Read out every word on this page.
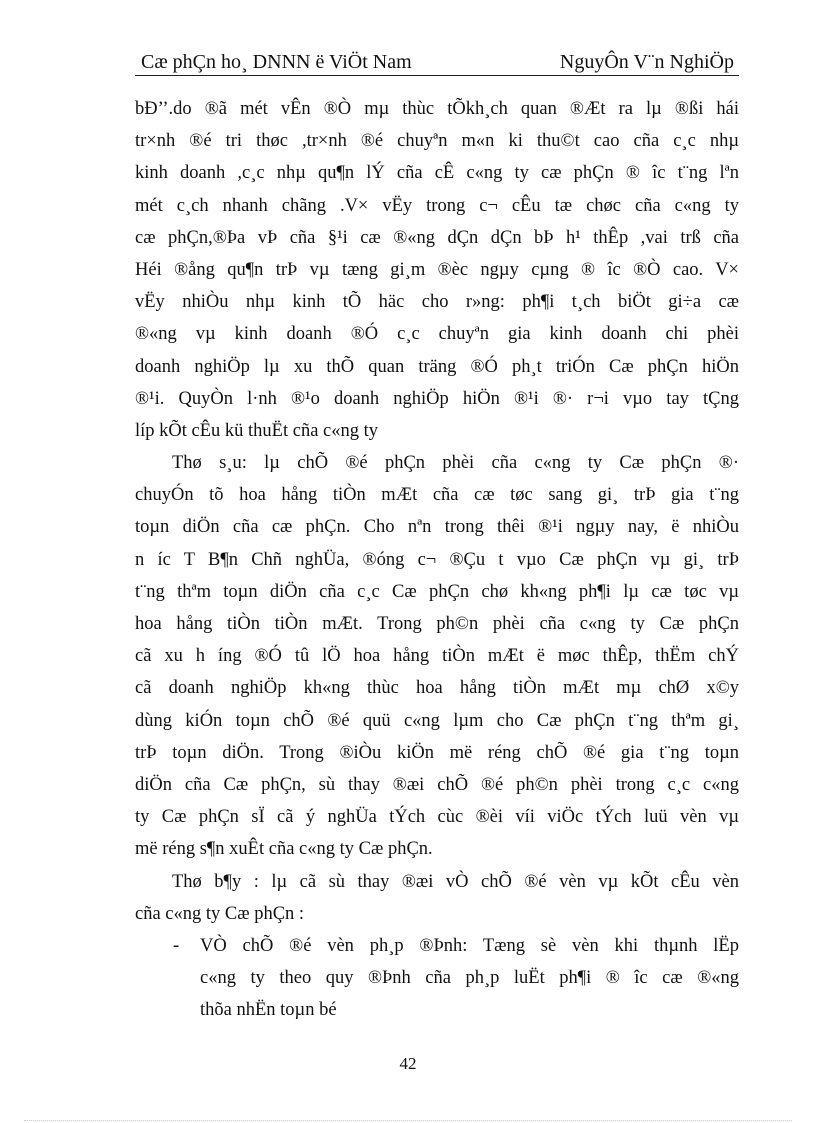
Cæ phÇn ho¸ DNNN ë ViÖt Nam	NguyÔn V¨n NghiÖp
bÐ’’.do ®ã mét vÊn ®Ò mµ thùc tÕkh¸ch quan ®Æt ra lµ ®ßi hái
tr×nh ®é tri thøc ,tr×nh ®é chuyªn m«n ki thu©t cao cña c¸c nhµ
kinh doanh ,c¸c nhµ qu¶n lÝ cña cÊ c«ng ty cæ phÇn ® îc t¨ng lªn
mét c¸ch nhanh chãng .V× vËy trong c¬ cÊu tæ chøc cña c«ng ty
cæ phÇn,®Þa vÞ cña §¹i cæ ®«ng dÇn dÇn bÞ h¹ thÊp ,vai trß cña
Héi ®ång qu¶n trÞ vµ tæng gi¸m ®èc ngµy cµng ® îc ®Ò cao. V×
vËy nhiÒu nhµ kinh tÕ häc cho r»ng: ph¶i t¸ch biÖt gi÷a cæ
®«ng vµ kinh doanh ®Ó c¸c chuyªn gia kinh doanh chi phèi
doanh nghiÖp lµ xu thÕ quan träng ®Ó ph¸t triÓn Cæ phÇn hiÖn
®¹i. QuyÒn l·nh ®¹o doanh nghiÖp hiÖn ®¹i ®· r¬i vµo tay tÇng
líp kÕt cÊu kü thuËt cña c«ng ty
Thø s¸u: lµ chÕ ®é phÇn phèi cña c«ng ty Cæ phÇn ®·
chuyÓn tõ hoa hång tiÒn mÆt cña cæ tøc sang gi¸ trÞ gia t¨ng
toµn diÖn cña cæ phÇn. Cho nªn trong thêi ®¹i ngµy nay, ë nhiÒu
n íc T B¶n Chñ nghÜa, ®óng c¬ ®Çu t vµo Cæ phÇn vµ gi¸ trÞ
t¨ng thªm toµn diÖn cña c¸c Cæ phÇn chø kh«ng ph¶i lµ cæ tøc vµ
hoa hång tiÒn tiÒn mÆt. Trong ph©n phèi cña c«ng ty Cæ phÇn
cã xu h íng ®Ó tû lÖ hoa hång tiÒn mÆt ë møc thÊp, thËm chÝ
cã doanh nghiÖp kh«ng thùc hoa hång tiÒn mÆt mµ chØ x©y
dùng kiÓn toµn chÕ ®é quü c«ng lµm cho Cæ phÇn t¨ng thªm gi¸
trÞ toµn diÖn. Trong ®iÒu kiÖn më réng chÕ ®é gia t¨ng toµn
diÖn cña Cæ phÇn, sù thay ®æi chÕ ®é ph©n phèi trong c¸c c«ng
ty Cæ phÇn sÏ cã ý nghÜa tÝch cùc ®èi víi viÖc tÝch luü vèn vµ
më réng s¶n xuÊt cña c«ng ty Cæ phÇn.
Thø b¶y : lµ cã sù thay ®æi vÒ chÕ ®é vèn vµ kÕt cÊu vèn
cña c«ng ty Cæ phÇn :
- VÒ chÕ ®é vèn ph¸p ®Þnh: Tæng sè vèn khi thµnh lËp
c«ng ty theo quy ®Þnh cña ph¸p luËt ph¶i ® îc cæ ®«ng
thõa nhËn toµn bé
42
